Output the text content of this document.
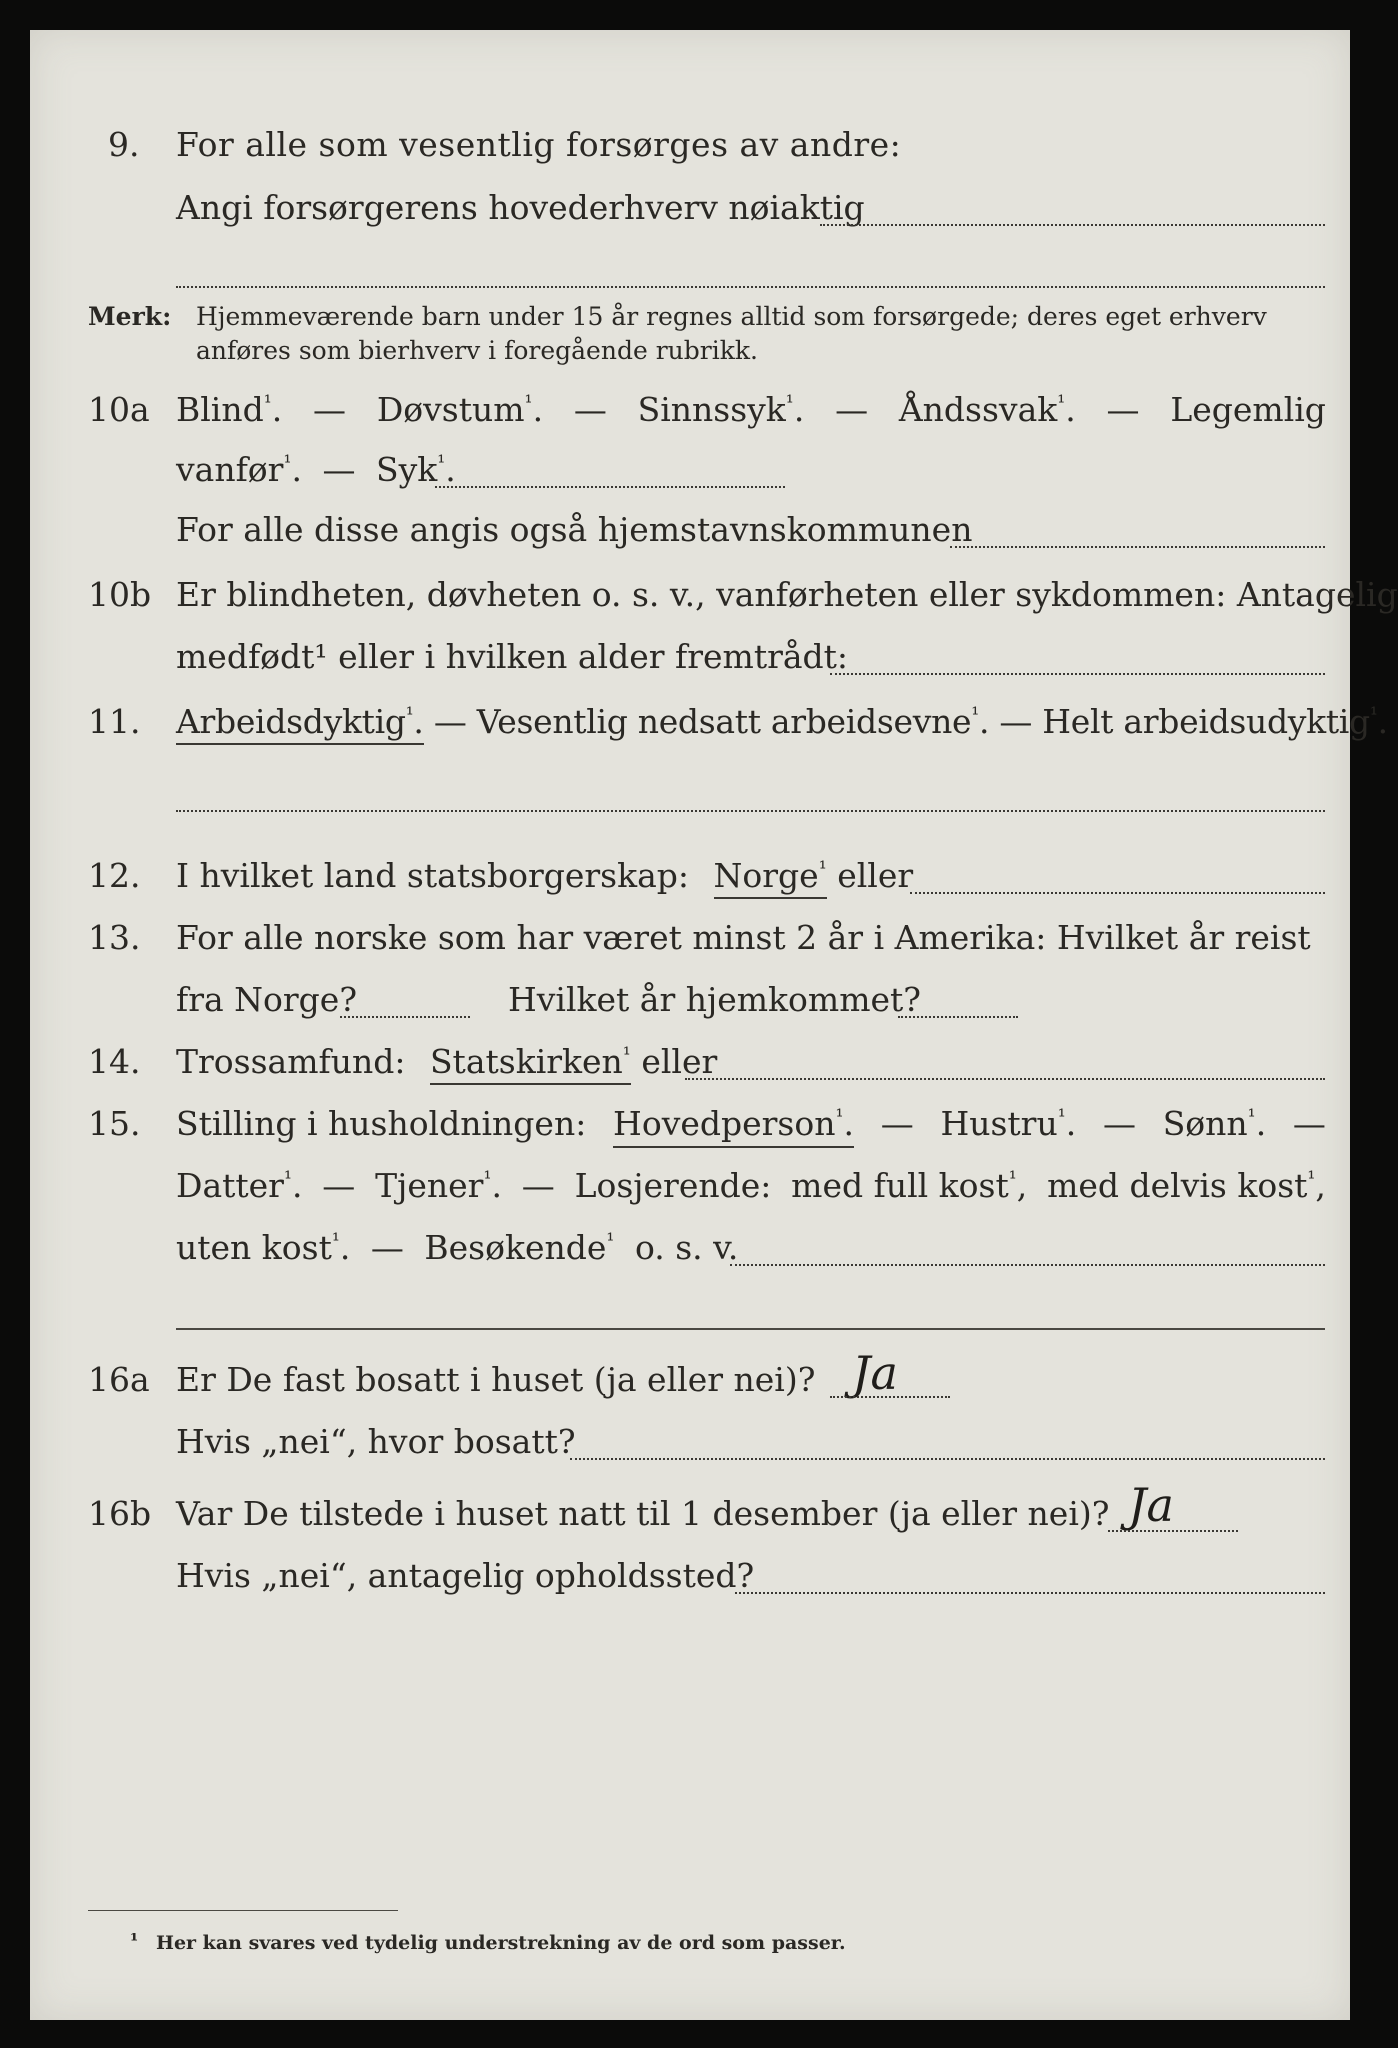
9. For alle som vesentlig forsørges av andre:
Angi forsørgerens hovederhverv nøiaktig
Merk: Hjemmeværende barn under 15 år regnes alltid som forsørgede; deres eget erhverv
anføres som bierhverv i foregående rubrikk.
10a Blind$^{^1}$. — Døvstum$^{^1}$. — Sinnssyk$^{^1}$. — Åndssvak$^{^1}$. — Legemlig
vanfør$^{^1}$. — Syk$^{^1}$.
For alle disse angis også hjemstavnskommunen
10b Er blindheten, døvheten o. s. v., vanførheten eller sykdommen: Antagelig
medfødt¹ eller i hvilken alder fremtrådt:
11. Arbeidsdyktig$^{^1}$. — Vesentlig nedsatt arbeidsevne$^{^1}$. — Helt arbeidsudyktig$^{^1}$.
12. I hvilket land statsborgerskap: Norge$^{^1}$ eller
13. For alle norske som har været minst 2 år i Amerika: Hvilket år reist
fra Norge?	Hvilket år hjemkommet?
14. Trossamfund: Statskirken$^{^1}$ eller
15. Stilling i husholdningen: Hovedperson$^{^1}$. — Hustru$^{^1}$. — Sønn$^{^1}$. —
Datter$^{^1}$. — Tjener$^{^1}$. — Losjerende: med full kost$^{^1}$, med delvis kost$^{^1}$,
uten kost$^{^1}$. — Besøkende$^{^1}$ o. s. v.
16a Er De fast bosatt i huset (ja eller nei)? Ja
Hvis „nei“, hvor bosatt?
16b Var De tilstede i huset natt til 1 desember (ja eller nei)? Ja
Hvis „nei“, antagelig opholdssted?
¹ Her kan svares ved tydelig understrekning av de ord som passer.
